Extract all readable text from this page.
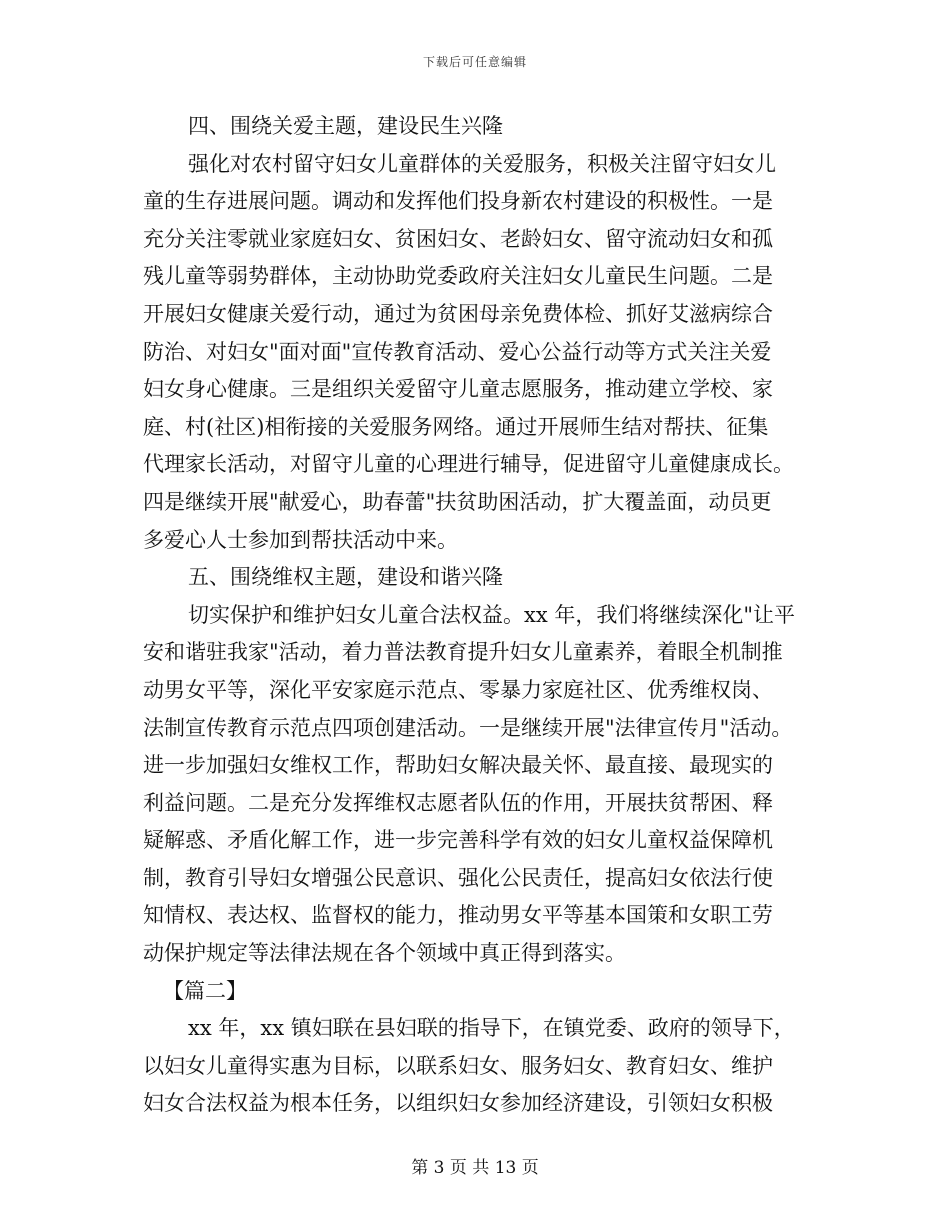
下载后可任意编辑
四、围绕关爱主题，建设民生兴隆
强化对农村留守妇女儿童群体的关爱服务，积极关注留守妇女儿
童的生存进展问题。调动和发挥他们投身新农村建设的积极性。一是
充分关注零就业家庭妇女、贫困妇女、老龄妇女、留守流动妇女和孤
残儿童等弱势群体，主动协助党委政府关注妇女儿童民生问题。二是
开展妇女健康关爱行动，通过为贫困母亲免费体检、抓好艾滋病综合
防治、对妇女"面对面"宣传教育活动、爱心公益行动等方式关注关爱
妇女身心健康。三是组织关爱留守儿童志愿服务，推动建立学校、家
庭、村(社区)相衔接的关爱服务网络。通过开展师生结对帮扶、征集
代理家长活动，对留守儿童的心理进行辅导，促进留守儿童健康成长。
四是继续开展"献爱心，助春蕾"扶贫助困活动，扩大覆盖面，动员更
多爱心人士参加到帮扶活动中来。
五、围绕维权主题，建设和谐兴隆
切实保护和维护妇女儿童合法权益。xx 年，我们将继续深化"让平
安和谐驻我家"活动，着力普法教育提升妇女儿童素养，着眼全机制推
动男女平等，深化平安家庭示范点、零暴力家庭社区、优秀维权岗、
法制宣传教育示范点四项创建活动。一是继续开展"法律宣传月"活动。
进一步加强妇女维权工作，帮助妇女解决最关怀、最直接、最现实的
利益问题。二是充分发挥维权志愿者队伍的作用，开展扶贫帮困、释
疑解惑、矛盾化解工作，进一步完善科学有效的妇女儿童权益保障机
制，教育引导妇女增强公民意识、强化公民责任，提高妇女依法行使
知情权、表达权、监督权的能力，推动男女平等基本国策和女职工劳
动保护规定等法律法规在各个领域中真正得到落实。
【篇二】
xx 年，xx 镇妇联在县妇联的指导下，在镇党委、政府的领导下，
以妇女儿童得实惠为目标，以联系妇女、服务妇女、教育妇女、维护
妇女合法权益为根本任务，以组织妇女参加经济建设，引领妇女积极
第 3 页 共 13 页
